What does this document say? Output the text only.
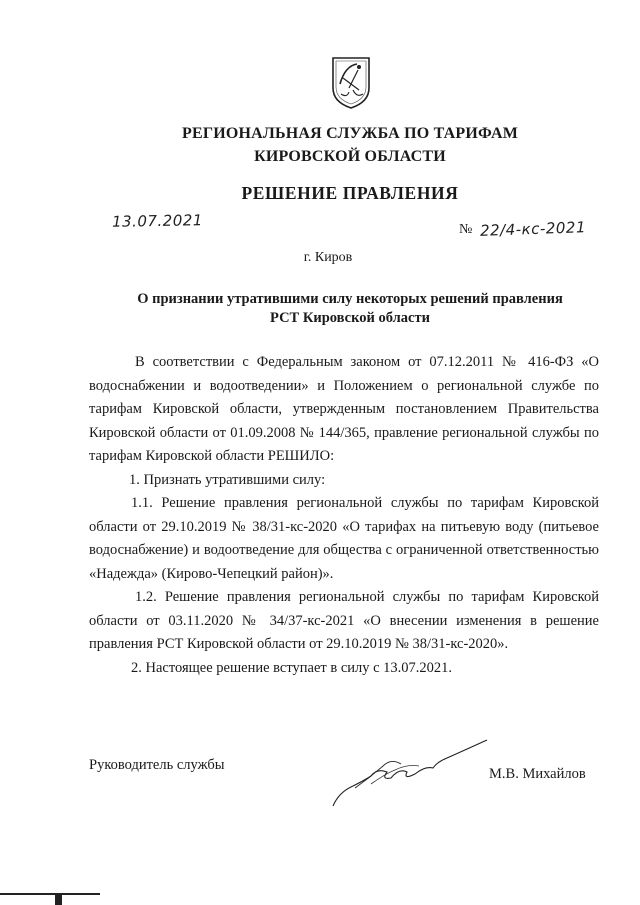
РЕГИОНАЛЬНАЯ СЛУЖБА ПО ТАРИФАМ
КИРОВСКОЙ ОБЛАСТИ
РЕШЕНИЕ ПРАВЛЕНИЯ
13.07.2021	№ 22/4-кс-2021
г. Киров
О признании утратившими силу некоторых решений правления
РСТ Кировской области

В соответствии с Федеральным законом от 07.12.2011 № 416-ФЗ «О водоснабжении и водоотведении» и Положением о региональной службе по тарифам Кировской области, утвержденным постановлением Правительства Кировской области от 01.09.2008 № 144/365, правление региональной службы по тарифам Кировской области РЕШИЛО:

1. Признать утратившими силу:

1.1. Решение правления региональной службы по тарифам Кировской области от 29.10.2019 № 38/31-кс-2020 «О тарифах на питьевую воду (питьевое водоснабжение) и водоотведение для общества с ограниченной ответственностью «Надежда» (Кирово-Чепецкий район)».

1.2. Решение правления региональной службы по тарифам Кировской области от 03.11.2020 № 34/37-кс-2021 «О внесении изменения в решение правления РСТ Кировской области от 29.10.2019 № 38/31-кс-2020».

2. Настоящее решение вступает в силу с 13.07.2021.

Руководитель службы
М.В. Михайлов
